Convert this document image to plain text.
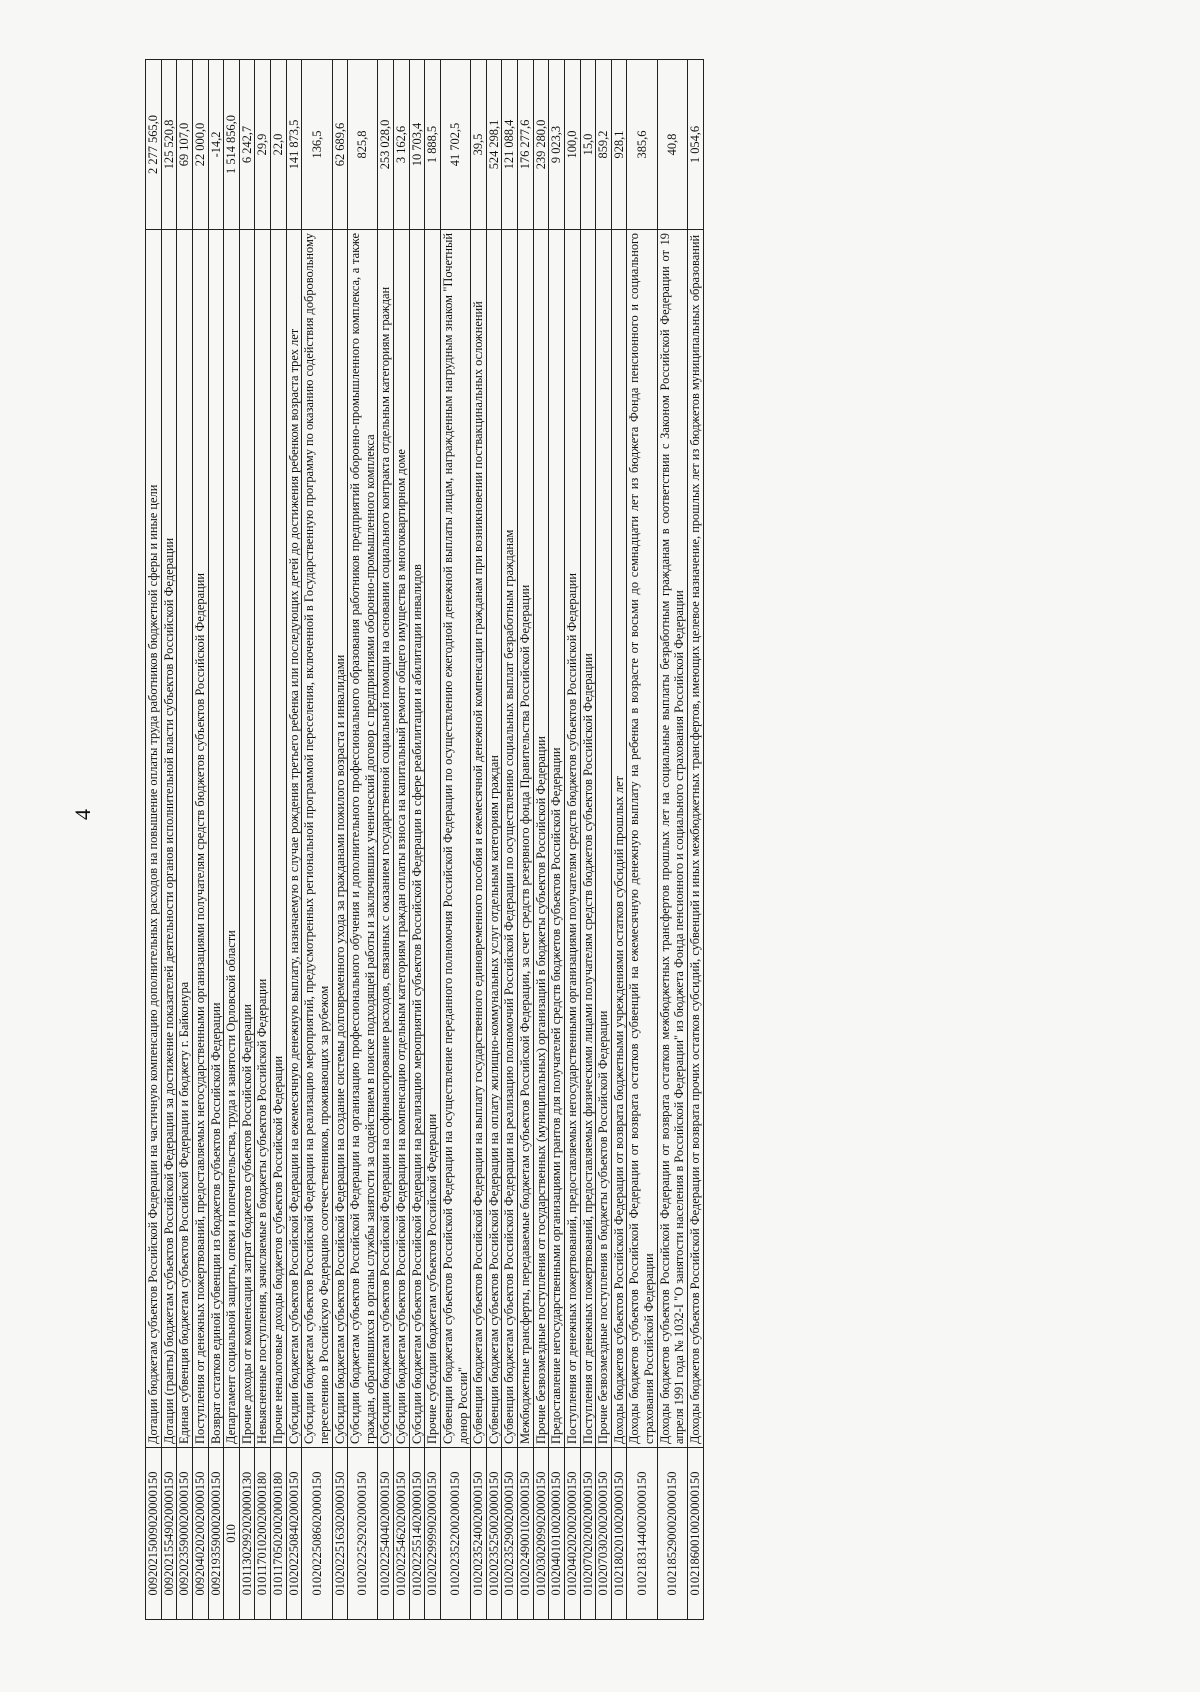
4
00920215009020000150	Дотации бюджетам субъектов Российской Федерации на частичную компенсацию дополнительных расходов на повышение оплаты труда работников бюджетной сферы и иные цели	2 277 565,0
00920215549020000150	Дотации (гранты) бюджетам субъектов Российской Федерации за достижение показателей деятельности органов исполнительной власти субъектов Российской Федерации	125 520,8
00920235900020000150	Единая субвенция бюджетам субъектов Российской Федерации и бюджету г. Байконура	69 107,0
00920402020020000150	Поступления от денежных пожертвований, предоставляемых негосударственными организациями получателям средств бюджетов субъектов Российской Федерации	22 000,0
00921935900020000150	Возврат остатков единой субвенции из бюджетов субъектов Российской Федерации	-14,2
010	Департамент социальной защиты, опеки и попечительства, труда и занятости Орловской области	1 514 856,0
01011302992020000130	Прочие доходы от компенсации затрат бюджетов субъектов Российской Федерации	6 242,7
01011701020020000180	Невыясненные поступления, зачисляемые в бюджеты субъектов Российской Федерации	29,9
01011705020020000180	Прочие неналоговые доходы бюджетов субъектов Российской Федерации	22,0
01020225084020000150	Субсидии бюджетам субъектов Российской Федерации на ежемесячную денежную выплату, назначаемую в случае рождения третьего ребенка или последующих детей до достижения ребенком возраста трех лет	141 873,5
01020225086020000150	Субсидии бюджетам субъектов Российской Федерации на реализацию мероприятий, предусмотренных региональной программой переселения, включенной в Государственную программу по оказанию содействия добровольному переселению в Российскую Федерацию соотечественников, проживающих за рубежом	136,5
01020225163020000150	Субсидии бюджетам субъектов Российской Федерации на создание системы долговременного ухода за гражданами пожилого возраста и инвалидами	62 689,6
01020225292020000150	Субсидии бюджетам субъектов Российской Федерации на организацию профессионального обучения и дополнительного профессионального образования работников предприятий оборонно-промышленного комплекса, а также граждан, обратившихся в органы службы занятости за содействием в поиске подходящей работы и заключивших ученический договор с предприятиями оборонно-промышленного комплекса	825,8
01020225404020000150	Субсидии бюджетам субъектов Российской Федерации на софинансирование расходов, связанных с оказанием государственной социальной помощи на основании социального контракта отдельным категориям граждан	253 028,0
01020225462020000150	Субсидии бюджетам субъектов Российской Федерации на компенсацию отдельным категориям граждан оплаты взноса на капитальный ремонт общего имущества в многоквартирном доме	3 162,6
01020225514020000150	Субсидии бюджетам субъектов Российской Федерации на реализацию мероприятий субъектов Российской Федерации в сфере реабилитации и абилитации инвалидов	10 703,4
01020229999020000150	Прочие субсидии бюджетам субъектов Российской Федерации	1 888,5
01020235220020000150	Субвенции бюджетам субъектов Российской Федерации на осуществление переданного полномочия Российской Федерации по осуществлению ежегодной денежной выплаты лицам, награжденным нагрудным знаком "Почетный донор России"	41 702,5
01020235240020000150	Субвенции бюджетам субъектов Российской Федерации на выплату государственного единовременного пособия и ежемесячной денежной компенсации гражданам при возникновении поствакцинальных осложнений	39,5
01020235250020000150	Субвенции бюджетам субъектов Российской Федерации на оплату жилищно-коммунальных услуг отдельным категориям граждан	524 298,1
01020235290020000150	Субвенции бюджетам субъектов Российской Федерации на реализацию полномочий Российской Федерации по осуществлению социальных выплат безработным гражданам	121 088,4
01020249001020000150	Межбюджетные трансферты, передаваемые бюджетам субъектов Российской Федерации, за счет средств резервного фонда Правительства Российской Федерации	176 277,6
01020302099020000150	Прочие безвозмездные поступления от государственных (муниципальных) организаций в бюджеты субъектов Российской Федерации	239 280,0
01020401010020000150	Предоставление негосударственными организациями грантов для получателей средств бюджетов субъектов Российской Федерации	9 023,3
01020402020020000150	Поступления от денежных пожертвований, предоставляемых негосударственными организациями получателям средств бюджетов субъектов Российской Федерации	100,0
01020702020020000150	Поступления от денежных пожертвований, предоставляемых физическими лицами получателям средств бюджетов субъектов Российской Федерации	15,0
01020703020020000150	Прочие безвозмездные поступления в бюджеты субъектов Российской Федерации	859,2
01021802010020000150	Доходы бюджетов субъектов Российской Федерации от возврата бюджетными учреждениями остатков субсидий прошлых лет	928,1
01021831440020000150	Доходы бюджетов субъектов Российской Федерации от возврата остатков субвенций на ежемесячную денежную выплату на ребенка в возрасте от восьми до семнадцати лет из бюджета Фонда пенсионного и социального страхования Российской Федерации	385,6
01021852900020000150	Доходы бюджетов субъектов Российской Федерации от возврата остатков межбюджетных трансфертов прошлых лет на социальные выплаты безработным гражданам в соответствии с Законом Российской Федерации от 19 апреля 1991 года № 1032-I "О занятости населения в Российской Федерации" из бюджета Фонда пенсионного и социального страхования Российской Федерации	40,8
01021860010020000150	Доходы бюджетов субъектов Российской Федерации от возврата прочих остатков субсидий, субвенций и иных межбюджетных трансфертов, имеющих целевое назначение, прошлых лет из бюджетов муниципальных образований	1 054,6
